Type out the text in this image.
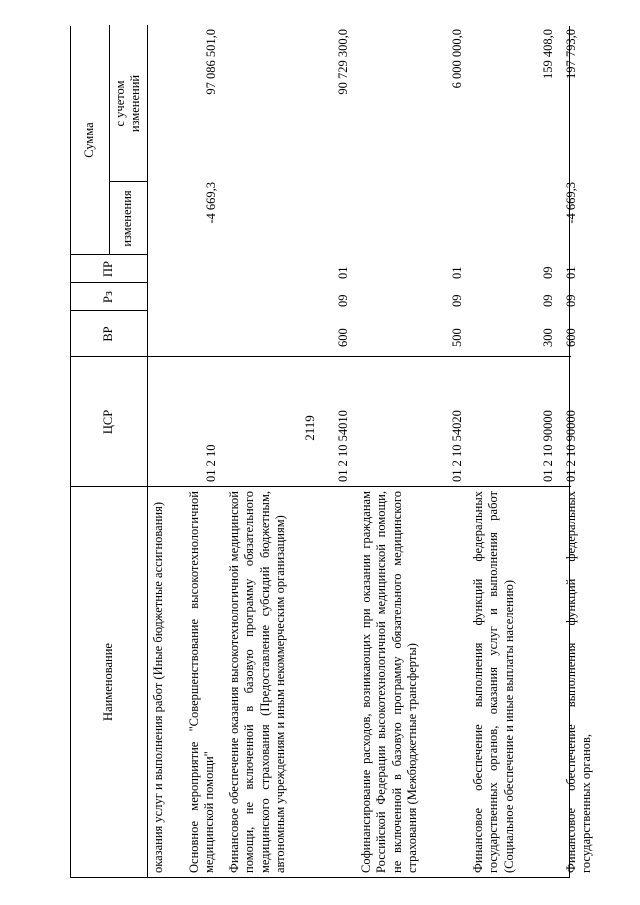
2119
Наименование
ЦСР
ВР
Рз
ПР
Сумма
изменения
с учетом изменений
оказания услуг и выполнения работ (Иные бюджетные ассигнования) Основное мероприятие "Совершенствование высокотехнологичной медицинской помощи"
01 2 10
-4 669,3
97 086 501,0
Финансовое обеспечение оказания высокотехнологичной медицинской помощи, не включенной в базовую программу обязательного медицинского страхования (Предоставление субсидий бюджетным, автономным учреждениям и иным некоммерческим организациям)
01 2 10 54010
600
09
01
90 729 300,0
Софинансирование расходов, возникающих при оказании гражданам Российской Федерации высокотехнологичной медицинской помощи, не включенной в базовую программу обязательного медицинского страхования (Межбюджетные трансферты)
01 2 10 54020
500
09
01
6 000 000,0
Финансовое обеспечение выполнения функций федеральных государственных органов, оказания услуг и выполнения работ (Социальное обеспечение и иные выплаты населению)
01 2 10 90000
300
09
09
159 408,0
Финансовое обеспечение выполнения функций федеральных государственных органов,
01 2 10 90000
600
09
01
-4 669,3
197 793,0
